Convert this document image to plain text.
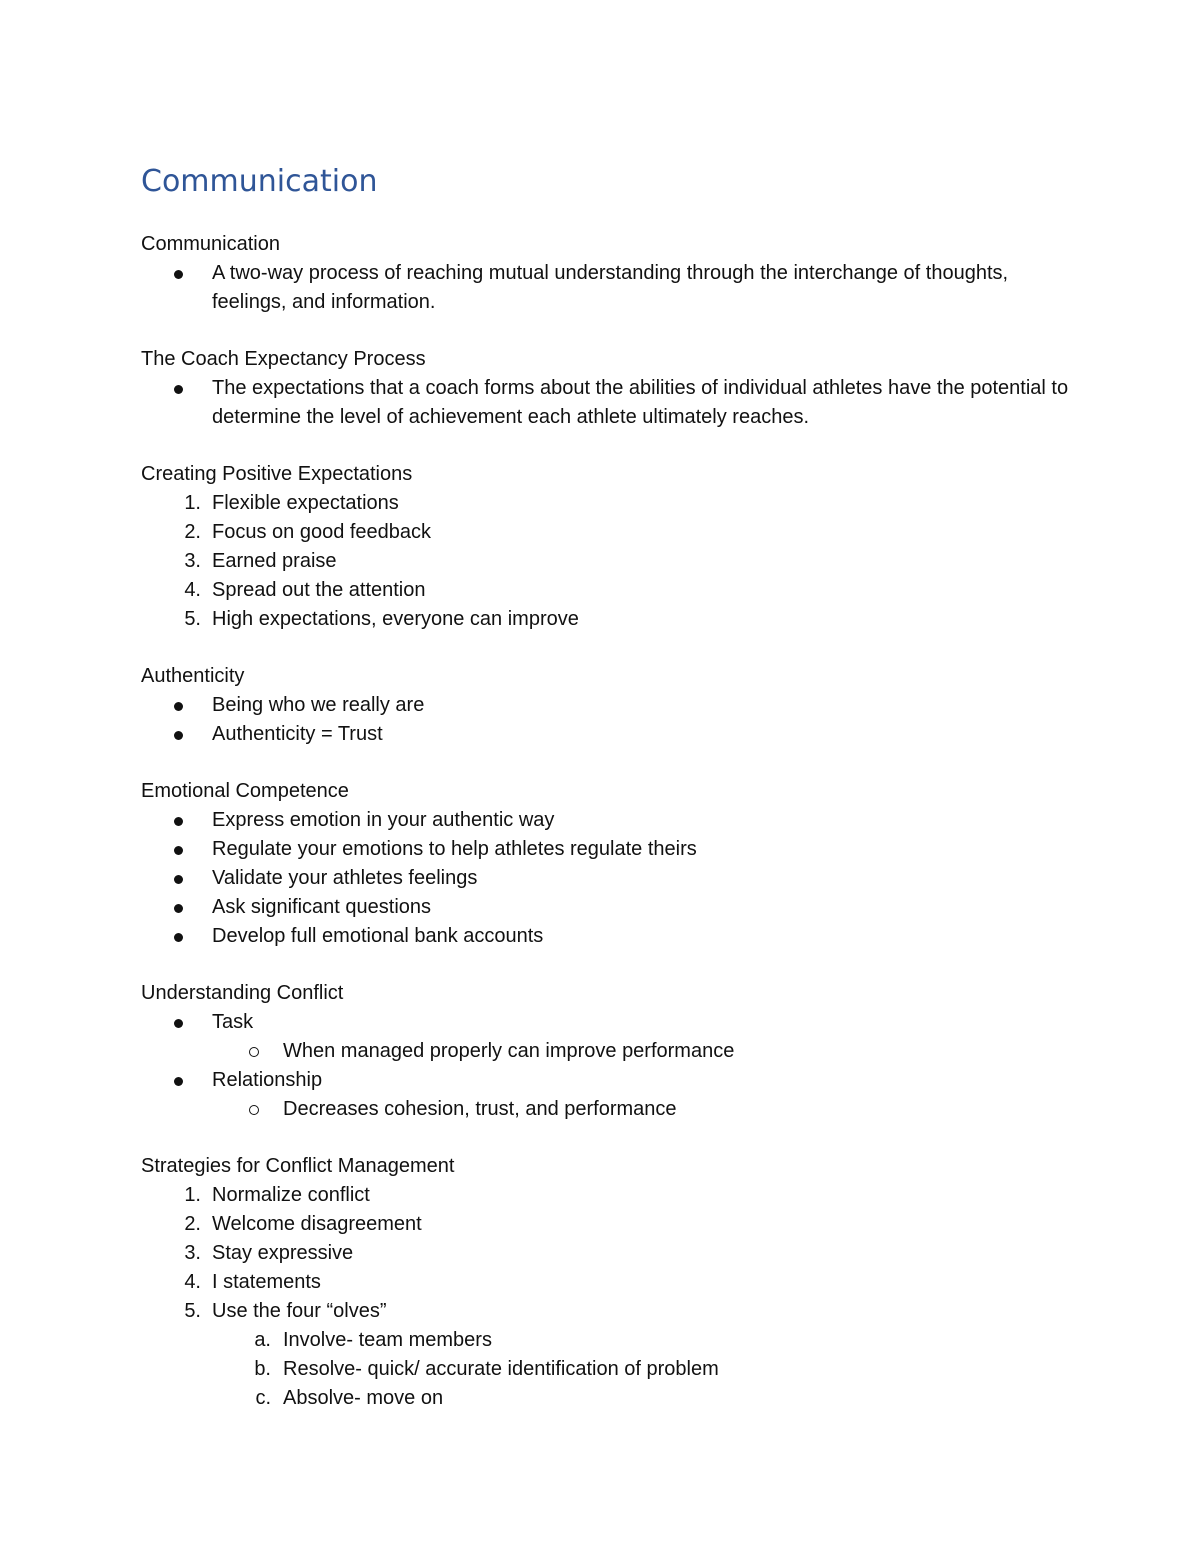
Communication

Communication

A two-way process of reaching mutual understanding through the interchange of thoughts, feelings, and information.

The Coach Expectancy Process

The expectations that a coach forms about the abilities of individual athletes have the potential to determine the level of achievement each athlete ultimately reaches.

Creating Positive Expectations

1. Flexible expectations
2. Focus on good feedback
3. Earned praise
4. Spread out the attention
5. High expectations, everyone can improve

Authenticity

Being who we really are
Authenticity = Trust

Emotional Competence

Express emotion in your authentic way
Regulate your emotions to help athletes regulate theirs
Validate your athletes feelings
Ask significant questions
Develop full emotional bank accounts

Understanding Conflict

Task
When managed properly can improve performance
Relationship
Decreases cohesion, trust, and performance

Strategies for Conflict Management

1. Normalize conflict
2. Welcome disagreement
3. Stay expressive
4. I statements
5. Use the four “olves”
a. Involve- team members
b. Resolve- quick/ accurate identification of problem
c. Absolve- move on
